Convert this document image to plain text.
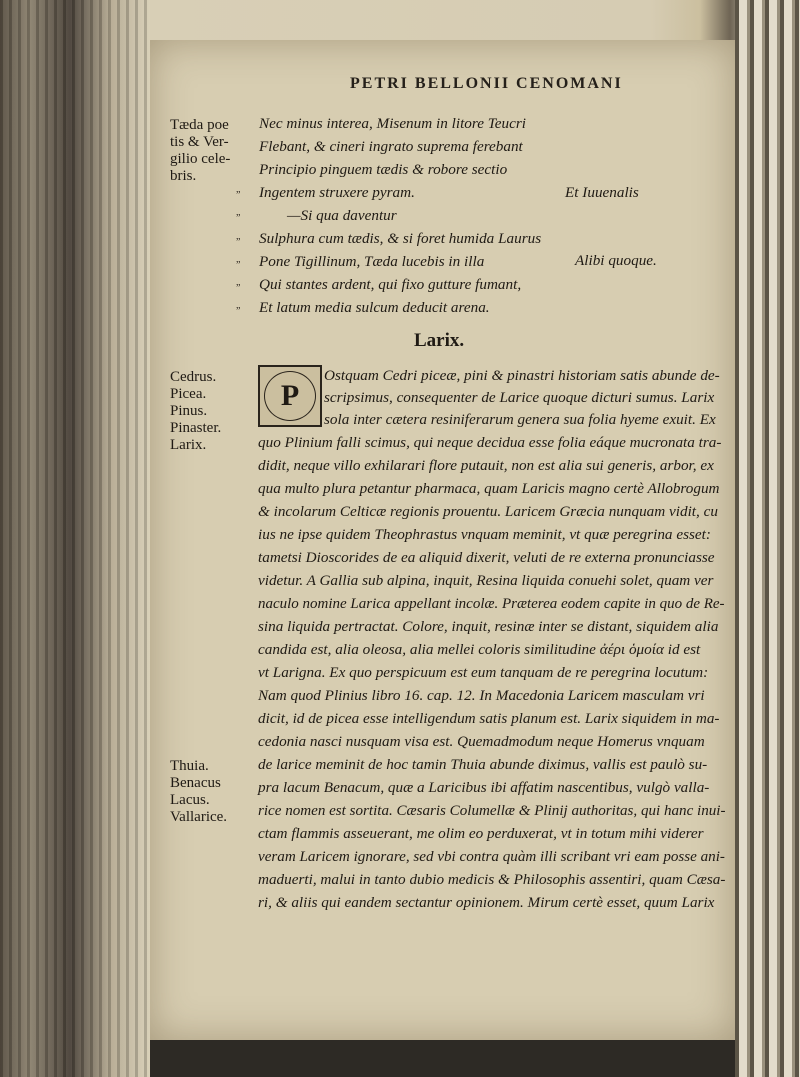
PETRI BELLONII CENOMANI
Tæda poe
tis & Ver-
gilio cele-
bris.
”
”
”
”
”
”
Nec minus interea, Misenum in litore Teucri
Flebant, & cineri ingrato suprema ferebant
Principio pinguem tædis & robore sectio
Ingentem struxere pyram.
—Si qua daventur
Sulphura cum tædis, & si foret humida Laurus
Pone Tigillinum, Tæda lucebis in illa
Qui stantes ardent, qui fixo gutture fumant,
Et latum media sulcum deducit arena.
Et Iuuenalis
Alibi quoque.
Larix.
Cedrus.
Picea.
Pinus.
Pinaster.
Larix.
P
Ostquam Cedri piceæ, pini & pinastri historiam satis abunde de-
scripsimus, consequenter de Larice quoque dicturi sumus. Larix
sola inter cætera resiniferarum genera sua folia hyeme exuit. Ex
quo Plinium falli scimus, qui neque decidua esse folia eáque mucronata tra-
didit, neque villo exhilarari flore putauit, non est alia sui generis, arbor, ex
qua multo plura petantur pharmaca, quam Laricis magno certè Allobrogum
& incolarum Celticæ regionis prouentu. Laricem Græcia nunquam vidit, cu
ius ne ipse quidem Theophrastus vnquam meminit, vt quæ peregrina esset:
tametsi Dioscorides de ea aliquid dixerit, veluti de re externa pronunciasse
videtur. A Gallia sub alpina, inquit, Resina liquida conuehi solet, quam ver
naculo nomine Larica appellant incolæ. Præterea eodem capite in quo de Re-
sina liquida pertractat. Colore, inquit, resinæ inter se distant, siquidem alia
candida est, alia oleosa, alia mellei coloris similitudine ἀέρι ὁμοία id est
vt Larigna. Ex quo perspicuum est eum tanquam de re peregrina locutum:
Nam quod Plinius libro 16. cap. 12. In Macedonia Laricem masculam vri
dicit, id de picea esse intelligendum satis planum est. Larix siquidem in ma-
cedonia nasci nusquam visa est. Quemadmodum neque Homerus vnquam
de larice meminit de hoc tamin Thuia abunde diximus, vallis est paulò su-
pra lacum Benacum, quæ a Laricibus ibi affatim nascentibus, vulgò valla-
rice nomen est sortita. Cæsaris Columellæ & Plinij authoritas, qui hanc inui-
ctam flammis asseuerant, me olim eo perduxerat, vt in totum mihi viderer
veram Laricem ignorare, sed vbi contra quàm illi scribant vri eam posse ani-
maduerti, malui in tanto dubio medicis & Philosophis assentiri, quam Cæsa-
ri, & aliis qui eandem sectantur opinionem. Mirum certè esset, quum Larix
Thuia.
Benacus
Lacus.
Vallarice.
